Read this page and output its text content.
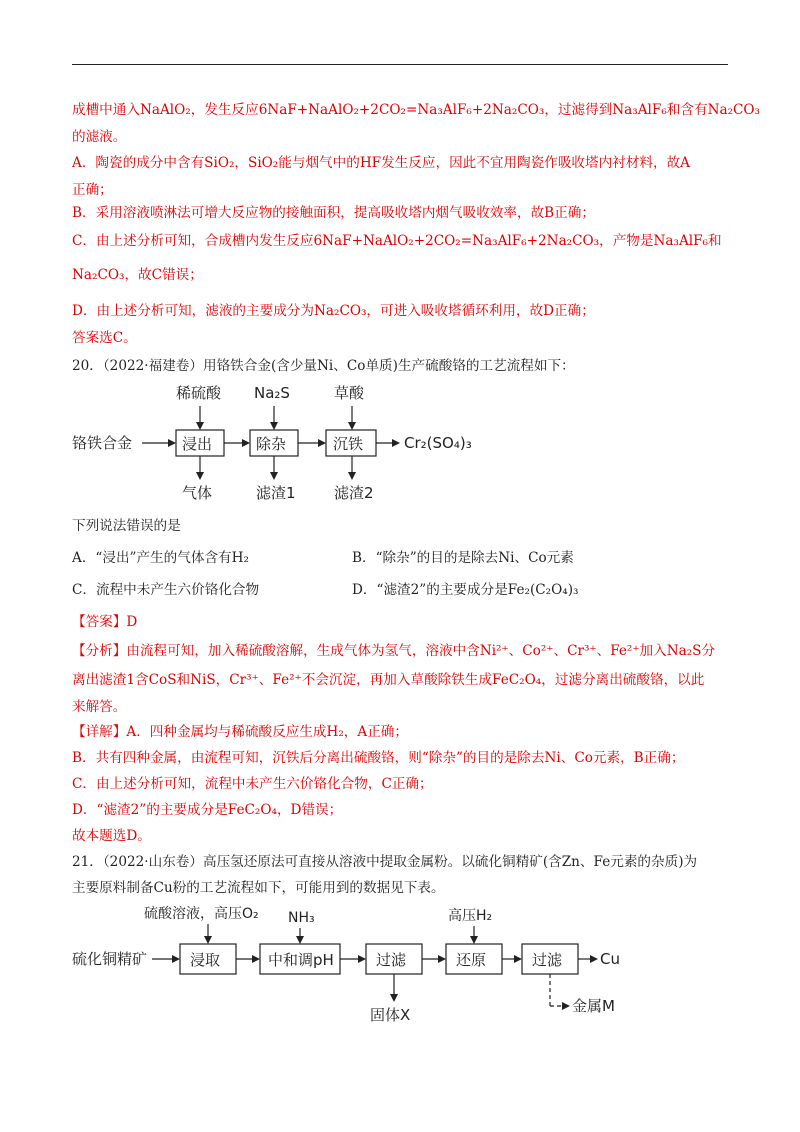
成槽中通入NaAlO₂，发生反应6NaF+NaAlO₂+2CO₂=Na₃AlF₆+2Na₂CO₃，过滤得到Na₃AlF₆和含有Na₂CO₃
的滤液。
A．陶瓷的成分中含有SiO₂，SiO₂能与烟气中的HF发生反应，因此不宜用陶瓷作吸收塔内衬材料，故A
正确；
B．采用溶液喷淋法可增大反应物的接触面积，提高吸收塔内烟气吸收效率，故B正确；
C．由上述分析可知，合成槽内发生反应6NaF+NaAlO₂+2CO₂=Na₃AlF₆+2Na₂CO₃，产物是Na₃AlF₆和
Na₂CO₃，故C错误；
D．由上述分析可知，滤液的主要成分为Na₂CO₃，可进入吸收塔循环利用，故D正确；
答案选C。
20．（2022·福建卷）用铬铁合金(含少量Ni、Co单质)生产硫酸铬的工艺流程如下：
铬铁合金
稀硫酸
浸出
气体
Na₂S
除杂
滤渣1
草酸
沉铁
滤渣2
Cr₂(SO₄)₃
下列说法错误的是
A．“浸出”产生的气体含有H₂	B．“除杂”的目的是除去Ni、Co元素
C．流程中未产生六价铬化合物	D．“滤渣2”的主要成分是Fe₂(C₂O₄)₃
【答案】D
【分析】由流程可知，加入稀硫酸溶解，生成气体为氢气，溶液中含Ni²⁺、Co²⁺、Cr³⁺、Fe²⁺加入Na₂S分
离出滤渣1含CoS和NiS，Cr³⁺、Fe²⁺不会沉淀，再加入草酸除铁生成FeC₂O₄，过滤分离出硫酸铬，以此
来解答。
【详解】A．四种金属均与稀硫酸反应生成H₂，A正确；
B．共有四种金属，由流程可知，沉铁后分离出硫酸铬，则“除杂”的目的是除去Ni、Co元素，B正确；
C．由上述分析可知，流程中未产生六价铬化合物，C正确；
D．“滤渣2”的主要成分是FeC₂O₄，D错误；
故本题选D。
21．（2022·山东卷）高压氢还原法可直接从溶液中提取金属粉。以硫化铜精矿(含Zn、Fe元素的杂质)为
主要原料制备Cu粉的工艺流程如下，可能用到的数据见下表。
硫化铜精矿
硫酸溶液，高压O₂
浸取
NH₃
中和调pH	过滤
固体X
高压H₂
还原	过滤	Cu
金属M
